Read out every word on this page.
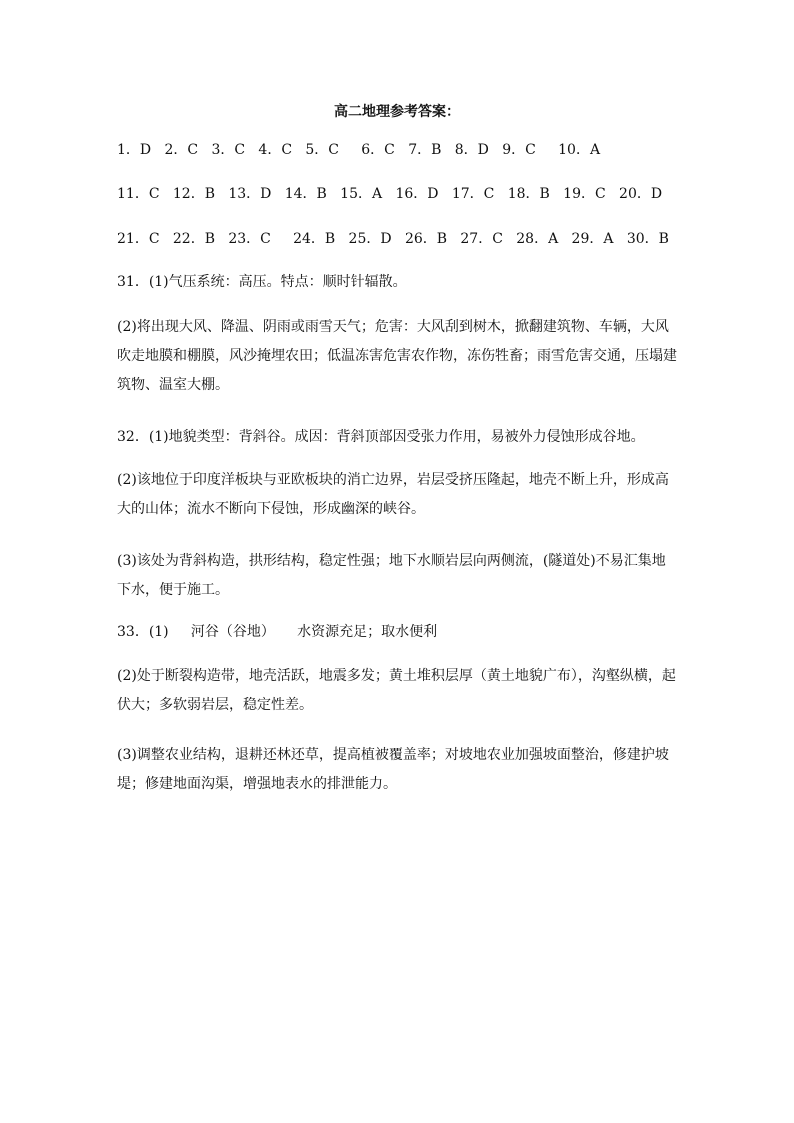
高二地理参考答案：
1．D   2．C   3．C   4．C   5．C     6．C   7．B   8．D   9．C     10．A
11．C   12．B   13．D   14．B   15．A   16．D   17．C   18．B   19．C   20．D
21．C   22．B   23．C     24．B   25．D   26．B   27．C   28．A   29．A   30．B
31．(1)气压系统：高压。特点：顺时针辐散。
(2)将出现大风、降温、阴雨或雨雪天气；危害：大风刮到树木，掀翻建筑物、车辆，大风吹走地膜和棚膜，风沙掩埋农田；低温冻害危害农作物，冻伤牲畜；雨雪危害交通，压塌建筑物、温室大棚。
32．(1)地貌类型：背斜谷。成因：背斜顶部因受张力作用，易被外力侵蚀形成谷地。
(2)该地位于印度洋板块与亚欧板块的消亡边界，岩层受挤压隆起，地壳不断上升，形成高大的山体；流水不断向下侵蚀，形成幽深的峡谷。
(3)该处为背斜构造，拱形结构，稳定性强；地下水顺岩层向两侧流，(隧道处)不易汇集地下水，便于施工。
33．(1)     河谷（谷地）     水资源充足；取水便利
(2)处于断裂构造带，地壳活跃，地震多发；黄土堆积层厚（黄土地貌广布），沟壑纵横，起伏大；多软弱岩层，稳定性差。
(3)调整农业结构，退耕还林还草，提高植被覆盖率；对坡地农业加强坡面整治，修建护坡堤；修建地面沟渠，增强地表水的排泄能力。
